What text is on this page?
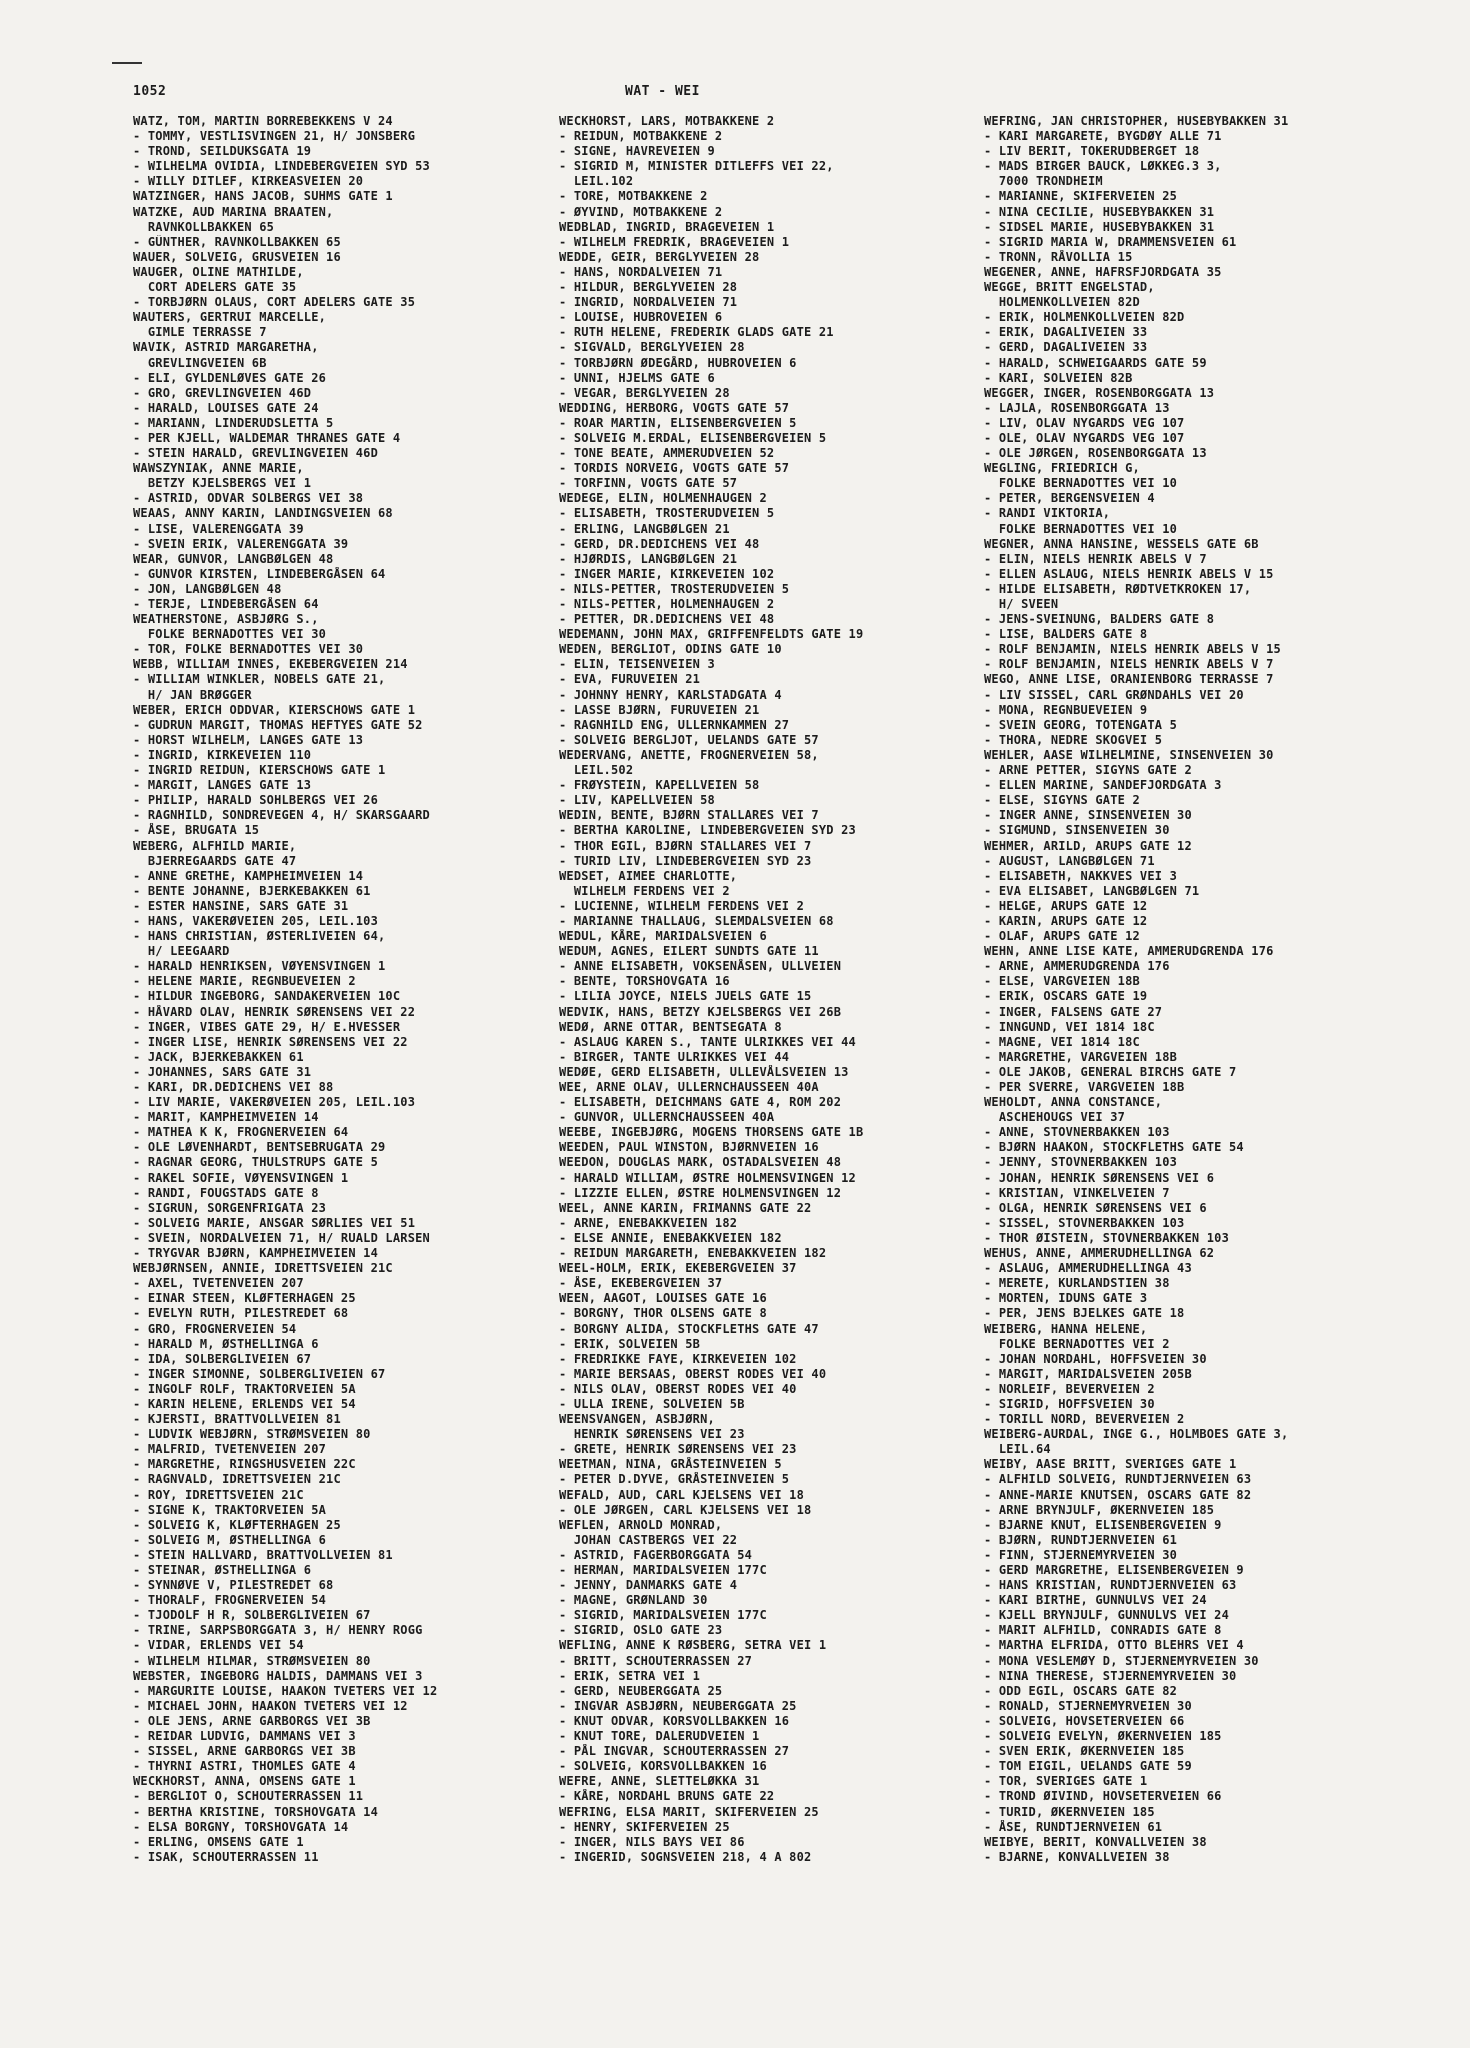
1052	WAT - WEI
WATZ, TOM, MARTIN BORREBEKKENS V 24
- TOMMY, VESTLISVINGEN 21, H/ JONSBERG
- TROND, SEILDUKSGATA 19
- WILHELMA OVIDIA, LINDEBERGVEIEN SYD 53
- WILLY DITLEF, KIRKEASVEIEN 20
WATZINGER, HANS JACOB, SUHMS GATE 1
WATZKE, AUD MARINA BRAATEN,
RAVNKOLLBAKKEN 65
- GÜNTHER, RAVNKOLLBAKKEN 65
WAUER, SOLVEIG, GRUSVEIEN 16
WAUGER, OLINE MATHILDE,
CORT ADELERS GATE 35
- TORBJØRN OLAUS, CORT ADELERS GATE 35
WAUTERS, GERTRUI MARCELLE,
GIMLE TERRASSE 7
WAVIK, ASTRID MARGARETHA,
GREVLINGVEIEN 6B
- ELI, GYLDENLØVES GATE 26
- GRO, GREVLINGVEIEN 46D
- HARALD, LOUISES GATE 24
- MARIANN, LINDERUDSLETTA 5
- PER KJELL, WALDEMAR THRANES GATE 4
- STEIN HARALD, GREVLINGVEIEN 46D
WAWSZYNIAK, ANNE MARIE,
BETZY KJELSBERGS VEI 1
- ASTRID, ODVAR SOLBERGS VEI 38
WEAAS, ANNY KARIN, LANDINGSVEIEN 68
- LISE, VALERENGGATA 39
- SVEIN ERIK, VALERENGGATA 39
WEAR, GUNVOR, LANGBØLGEN 48
- GUNVOR KIRSTEN, LINDEBERGÅSEN 64
- JON, LANGBØLGEN 48
- TERJE, LINDEBERGÅSEN 64
WEATHERSTONE, ASBJØRG S.,
FOLKE BERNADOTTES VEI 30
- TOR, FOLKE BERNADOTTES VEI 30
WEBB, WILLIAM INNES, EKEBERGVEIEN 214
- WILLIAM WINKLER, NOBELS GATE 21,
H/ JAN BRØGGER
WEBER, ERICH ODDVAR, KIERSCHOWS GATE 1
- GUDRUN MARGIT, THOMAS HEFTYES GATE 52
- HORST WILHELM, LANGES GATE 13
- INGRID, KIRKEVEIEN 110
- INGRID REIDUN, KIERSCHOWS GATE 1
- MARGIT, LANGES GATE 13
- PHILIP, HARALD SOHLBERGS VEI 26
- RAGNHILD, SONDREVEGEN 4, H/ SKARSGAARD
- ÅSE, BRUGATA 15
WEBERG, ALFHILD MARIE,
BJERREGAARDS GATE 47
- ANNE GRETHE, KAMPHEIMVEIEN 14
- BENTE JOHANNE, BJERKEBAKKEN 61
- ESTER HANSINE, SARS GATE 31
- HANS, VAKERØVEIEN 205, LEIL.103
- HANS CHRISTIAN, ØSTERLIVEIEN 64,
H/ LEEGAARD
- HARALD HENRIKSEN, VØYENSVINGEN 1
- HELENE MARIE, REGNBUEVEIEN 2
- HILDUR INGEBORG, SANDAKERVEIEN 10C
- HÅVARD OLAV, HENRIK SØRENSENS VEI 22
- INGER, VIBES GATE 29, H/ E.HVESSER
- INGER LISE, HENRIK SØRENSENS VEI 22
- JACK, BJERKEBAKKEN 61
- JOHANNES, SARS GATE 31
- KARI, DR.DEDICHENS VEI 88
- LIV MARIE, VAKERØVEIEN 205, LEIL.103
- MARIT, KAMPHEIMVEIEN 14
- MATHEA K K, FROGNERVEIEN 64
- OLE LØVENHARDT, BENTSEBRUGATA 29
- RAGNAR GEORG, THULSTRUPS GATE 5
- RAKEL SOFIE, VØYENSVINGEN 1
- RANDI, FOUGSTADS GATE 8
- SIGRUN, SORGENFRIGATA 23
- SOLVEIG MARIE, ANSGAR SØRLIES VEI 51
- SVEIN, NORDALVEIEN 71, H/ RUALD LARSEN
- TRYGVAR BJØRN, KAMPHEIMVEIEN 14
WEBJØRNSEN, ANNIE, IDRETTSVEIEN 21C
- AXEL, TVETENVEIEN 207
- EINAR STEEN, KLØFTERHAGEN 25
- EVELYN RUTH, PILESTREDET 68
- GRO, FROGNERVEIEN 54
- HARALD M, ØSTHELLINGA 6
- IDA, SOLBERGLIVEIEN 67
- INGER SIMONNE, SOLBERGLIVEIEN 67
- INGOLF ROLF, TRAKTORVEIEN 5A
- KARIN HELENE, ERLENDS VEI 54
- KJERSTI, BRATTVOLLVEIEN 81
- LUDVIK WEBJØRN, STRØMSVEIEN 80
- MALFRID, TVETENVEIEN 207
- MARGRETHE, RINGSHUSVEIEN 22C
- RAGNVALD, IDRETTSVEIEN 21C
- ROY, IDRETTSVEIEN 21C
- SIGNE K, TRAKTORVEIEN 5A
- SOLVEIG K, KLØFTERHAGEN 25
- SOLVEIG M, ØSTHELLINGA 6
- STEIN HALLVARD, BRATTVOLLVEIEN 81
- STEINAR, ØSTHELLINGA 6
- SYNNØVE V, PILESTREDET 68
- THORALF, FROGNERVEIEN 54
- TJODOLF H R, SOLBERGLIVEIEN 67
- TRINE, SARPSBORGGATA 3, H/ HENRY ROGG
- VIDAR, ERLENDS VEI 54
- WILHELM HILMAR, STRØMSVEIEN 80
WEBSTER, INGEBORG HALDIS, DAMMANS VEI 3
- MARGURITE LOUISE, HAAKON TVETERS VEI 12
- MICHAEL JOHN, HAAKON TVETERS VEI 12
- OLE JENS, ARNE GARBORGS VEI 3B
- REIDAR LUDVIG, DAMMANS VEI 3
- SISSEL, ARNE GARBORGS VEI 3B
- THYRNI ASTRI, THOMLES GATE 4
WECKHORST, ANNA, OMSENS GATE 1
- BERGLIOT O, SCHOUTERRASSEN 11
- BERTHA KRISTINE, TORSHOVGATA 14
- ELSA BORGNY, TORSHOVGATA 14
- ERLING, OMSENS GATE 1
- ISAK, SCHOUTERRASSEN 11
WECKHORST, LARS, MOTBAKKENE 2
- REIDUN, MOTBAKKENE 2
- SIGNE, HAVREVEIEN 9
- SIGRID M, MINISTER DITLEFFS VEI 22,
LEIL.102
- TORE, MOTBAKKENE 2
- ØYVIND, MOTBAKKENE 2
WEDBLAD, INGRID, BRAGEVEIEN 1
- WILHELM FREDRIK, BRAGEVEIEN 1
WEDDE, GEIR, BERGLYVEIEN 28
- HANS, NORDALVEIEN 71
- HILDUR, BERGLYVEIEN 28
- INGRID, NORDALVEIEN 71
- LOUISE, HUBROVEIEN 6
- RUTH HELENE, FREDERIK GLADS GATE 21
- SIGVALD, BERGLYVEIEN 28
- TORBJØRN ØDEGÅRD, HUBROVEIEN 6
- UNNI, HJELMS GATE 6
- VEGAR, BERGLYVEIEN 28
WEDDING, HERBORG, VOGTS GATE 57
- ROAR MARTIN, ELISENBERGVEIEN 5
- SOLVEIG M.ERDAL, ELISENBERGVEIEN 5
- TONE BEATE, AMMERUDVEIEN 52
- TORDIS NORVEIG, VOGTS GATE 57
- TORFINN, VOGTS GATE 57
WEDEGE, ELIN, HOLMENHAUGEN 2
- ELISABETH, TROSTERUDVEIEN 5
- ERLING, LANGBØLGEN 21
- GERD, DR.DEDICHENS VEI 48
- HJØRDIS, LANGBØLGEN 21
- INGER MARIE, KIRKEVEIEN 102
- NILS-PETTER, TROSTERUDVEIEN 5
- NILS-PETTER, HOLMENHAUGEN 2
- PETTER, DR.DEDICHENS VEI 48
WEDEMANN, JOHN MAX, GRIFFENFELDTS GATE 19
WEDEN, BERGLIOT, ODINS GATE 10
- ELIN, TEISENVEIEN 3
- EVA, FURUVEIEN 21
- JOHNNY HENRY, KARLSTADGATA 4
- LASSE BJØRN, FURUVEIEN 21
- RAGNHILD ENG, ULLERNKAMMEN 27
- SOLVEIG BERGLJOT, UELANDS GATE 57
WEDERVANG, ANETTE, FROGNERVEIEN 58,
LEIL.502
- FRØYSTEIN, KAPELLVEIEN 58
- LIV, KAPELLVEIEN 58
WEDIN, BENTE, BJØRN STALLARES VEI 7
- BERTHA KAROLINE, LINDEBERGVEIEN SYD 23
- THOR EGIL, BJØRN STALLARES VEI 7
- TURID LIV, LINDEBERGVEIEN SYD 23
WEDSET, AIMEE CHARLOTTE,
WILHELM FERDENS VEI 2
- LUCIENNE, WILHELM FERDENS VEI 2
- MARIANNE THALLAUG, SLEMDALSVEIEN 68
WEDUL, KÅRE, MARIDALSVEIEN 6
WEDUM, AGNES, EILERT SUNDTS GATE 11
- ANNE ELISABETH, VOKSENÅSEN, ULLVEIEN
- BENTE, TORSHOVGATA 16
- LILIA JOYCE, NIELS JUELS GATE 15
WEDVIK, HANS, BETZY KJELSBERGS VEI 26B
WEDØ, ARNE OTTAR, BENTSEGATA 8
- ASLAUG KAREN S., TANTE ULRIKKES VEI 44
- BIRGER, TANTE ULRIKKES VEI 44
WEDØE, GERD ELISABETH, ULLEVÅLSVEIEN 13
WEE, ARNE OLAV, ULLERNCHAUSSEEN 40A
- ELISABETH, DEICHMANS GATE 4, ROM 202
- GUNVOR, ULLERNCHAUSSEEN 40A
WEEBE, INGEBJØRG, MOGENS THORSENS GATE 1B
WEEDEN, PAUL WINSTON, BJØRNVEIEN 16
WEEDON, DOUGLAS MARK, OSTADALSVEIEN 48
- HARALD WILLIAM, ØSTRE HOLMENSVINGEN 12
- LIZZIE ELLEN, ØSTRE HOLMENSVINGEN 12
WEEL, ANNE KARIN, FRIMANNS GATE 22
- ARNE, ENEBAKKVEIEN 182
- ELSE ANNIE, ENEBAKKVEIEN 182
- REIDUN MARGARETH, ENEBAKKVEIEN 182
WEEL-HOLM, ERIK, EKEBERGVEIEN 37
- ÅSE, EKEBERGVEIEN 37
WEEN, AAGOT, LOUISES GATE 16
- BORGNY, THOR OLSENS GATE 8
- BORGNY ALIDA, STOCKFLETHS GATE 47
- ERIK, SOLVEIEN 5B
- FREDRIKKE FAYE, KIRKEVEIEN 102
- MARIE BERSAAS, OBERST RODES VEI 40
- NILS OLAV, OBERST RODES VEI 40
- ULLA IRENE, SOLVEIEN 5B
WEENSVANGEN, ASBJØRN,
HENRIK SØRENSENS VEI 23
- GRETE, HENRIK SØRENSENS VEI 23
WEETMAN, NINA, GRÅSTEINVEIEN 5
- PETER D.DYVE, GRÅSTEINVEIEN 5
WEFALD, AUD, CARL KJELSENS VEI 18
- OLE JØRGEN, CARL KJELSENS VEI 18
WEFLEN, ARNOLD MONRAD,
JOHAN CASTBERGS VEI 22
- ASTRID, FAGERBORGGATA 54
- HERMAN, MARIDALSVEIEN 177C
- JENNY, DANMARKS GATE 4
- MAGNE, GRØNLAND 30
- SIGRID, MARIDALSVEIEN 177C
- SIGRID, OSLO GATE 23
WEFLING, ANNE K RØSBERG, SETRA VEI 1
- BRITT, SCHOUTERRASSEN 27
- ERIK, SETRA VEI 1
- GERD, NEUBERGGATA 25
- INGVAR ASBJØRN, NEUBERGGATA 25
- KNUT ODVAR, KORSVOLLBAKKEN 16
- KNUT TORE, DALERUDVEIEN 1
- PÅL INGVAR, SCHOUTERRASSEN 27
- SOLVEIG, KORSVOLLBAKKEN 16
WEFRE, ANNE, SLETTELØKKA 31
- KÅRE, NORDAHL BRUNS GATE 22
WEFRING, ELSA MARIT, SKIFERVEIEN 25
- HENRY, SKIFERVEIEN 25
- INGER, NILS BAYS VEI 86
- INGERID, SOGNSVEIEN 218, 4 A 802
WEFRING, JAN CHRISTOPHER, HUSEBYBAKKEN 31
- KARI MARGARETE, BYGDØY ALLE 71
- LIV BERIT, TOKERUDBERGET 18
- MADS BIRGER BAUCK, LØKKEG.3 3,
7000 TRONDHEIM
- MARIANNE, SKIFERVEIEN 25
- NINA CECILIE, HUSEBYBAKKEN 31
- SIDSEL MARIE, HUSEBYBAKKEN 31
- SIGRID MARIA W, DRAMMENSVEIEN 61
- TRONN, RÅVOLLIA 15
WEGENER, ANNE, HAFRSFJORDGATA 35
WEGGE, BRITT ENGELSTAD,
HOLMENKOLLVEIEN 82D
- ERIK, HOLMENKOLLVEIEN 82D
- ERIK, DAGALIVEIEN 33
- GERD, DAGALIVEIEN 33
- HARALD, SCHWEIGAARDS GATE 59
- KARI, SOLVEIEN 82B
WEGGER, INGER, ROSENBORGGATA 13
- LAJLA, ROSENBORGGATA 13
- LIV, OLAV NYGARDS VEG 107
- OLE, OLAV NYGARDS VEG 107
- OLE JØRGEN, ROSENBORGGATA 13
WEGLING, FRIEDRICH G,
FOLKE BERNADOTTES VEI 10
- PETER, BERGENSVEIEN 4
- RANDI VIKTORIA,
FOLKE BERNADOTTES VEI 10
WEGNER, ANNA HANSINE, WESSELS GATE 6B
- ELIN, NIELS HENRIK ABELS V 7
- ELLEN ASLAUG, NIELS HENRIK ABELS V 15
- HILDE ELISABETH, RØDTVETKROKEN 17,
H/ SVEEN
- JENS-SVEINUNG, BALDERS GATE 8
- LISE, BALDERS GATE 8
- ROLF BENJAMIN, NIELS HENRIK ABELS V 15
- ROLF BENJAMIN, NIELS HENRIK ABELS V 7
WEGO, ANNE LISE, ORANIENBORG TERRASSE 7
- LIV SISSEL, CARL GRØNDAHLS VEI 20
- MONA, REGNBUEVEIEN 9
- SVEIN GEORG, TOTENGATA 5
- THORA, NEDRE SKOGVEI 5
WEHLER, AASE WILHELMINE, SINSENVEIEN 30
- ARNE PETTER, SIGYNS GATE 2
- ELLEN MARINE, SANDEFJORDGATA 3
- ELSE, SIGYNS GATE 2
- INGER ANNE, SINSENVEIEN 30
- SIGMUND, SINSENVEIEN 30
WEHMER, ARILD, ARUPS GATE 12
- AUGUST, LANGBØLGEN 71
- ELISABETH, NAKKVES VEI 3
- EVA ELISABET, LANGBØLGEN 71
- HELGE, ARUPS GATE 12
- KARIN, ARUPS GATE 12
- OLAF, ARUPS GATE 12
WEHN, ANNE LISE KATE, AMMERUDGRENDA 176
- ARNE, AMMERUDGRENDA 176
- ELSE, VARGVEIEN 18B
- ERIK, OSCARS GATE 19
- INGER, FALSENS GATE 27
- INNGUND, VEI 1814 18C
- MAGNE, VEI 1814 18C
- MARGRETHE, VARGVEIEN 18B
- OLE JAKOB, GENERAL BIRCHS GATE 7
- PER SVERRE, VARGVEIEN 18B
WEHOLDT, ANNA CONSTANCE,
ASCHEHOUGS VEI 37
- ANNE, STOVNERBAKKEN 103
- BJØRN HAAKON, STOCKFLETHS GATE 54
- JENNY, STOVNERBAKKEN 103
- JOHAN, HENRIK SØRENSENS VEI 6
- KRISTIAN, VINKELVEIEN 7
- OLGA, HENRIK SØRENSENS VEI 6
- SISSEL, STOVNERBAKKEN 103
- THOR ØISTEIN, STOVNERBAKKEN 103
WEHUS, ANNE, AMMERUDHELLINGA 62
- ASLAUG, AMMERUDHELLINGA 43
- MERETE, KURLANDSTIEN 38
- MORTEN, IDUNS GATE 3
- PER, JENS BJELKES GATE 18
WEIBERG, HANNA HELENE,
FOLKE BERNADOTTES VEI 2
- JOHAN NORDAHL, HOFFSVEIEN 30
- MARGIT, MARIDALSVEIEN 205B
- NORLEIF, BEVERVEIEN 2
- SIGRID, HOFFSVEIEN 30
- TORILL NORD, BEVERVEIEN 2
WEIBERG-AURDAL, INGE G., HOLMBOES GATE 3,
LEIL.64
WEIBY, AASE BRITT, SVERIGES GATE 1
- ALFHILD SOLVEIG, RUNDTJERNVEIEN 63
- ANNE-MARIE KNUTSEN, OSCARS GATE 82
- ARNE BRYNJULF, ØKERNVEIEN 185
- BJARNE KNUT, ELISENBERGVEIEN 9
- BJØRN, RUNDTJERNVEIEN 61
- FINN, STJERNEMYRVEIEN 30
- GERD MARGRETHE, ELISENBERGVEIEN 9
- HANS KRISTIAN, RUNDTJERNVEIEN 63
- KARI BIRTHE, GUNNULVS VEI 24
- KJELL BRYNJULF, GUNNULVS VEI 24
- MARIT ALFHILD, CONRADIS GATE 8
- MARTHA ELFRIDA, OTTO BLEHRS VEI 4
- MONA VESLEMØY D, STJERNEMYRVEIEN 30
- NINA THERESE, STJERNEMYRVEIEN 30
- ODD EGIL, OSCARS GATE 82
- RONALD, STJERNEMYRVEIEN 30
- SOLVEIG, HOVSETERVEIEN 66
- SOLVEIG EVELYN, ØKERNVEIEN 185
- SVEN ERIK, ØKERNVEIEN 185
- TOM EIGIL, UELANDS GATE 59
- TOR, SVERIGES GATE 1
- TROND ØIVIND, HOVSETERVEIEN 66
- TURID, ØKERNVEIEN 185
- ÅSE, RUNDTJERNVEIEN 61
WEIBYE, BERIT, KONVALLVEIEN 38
- BJARNE, KONVALLVEIEN 38
